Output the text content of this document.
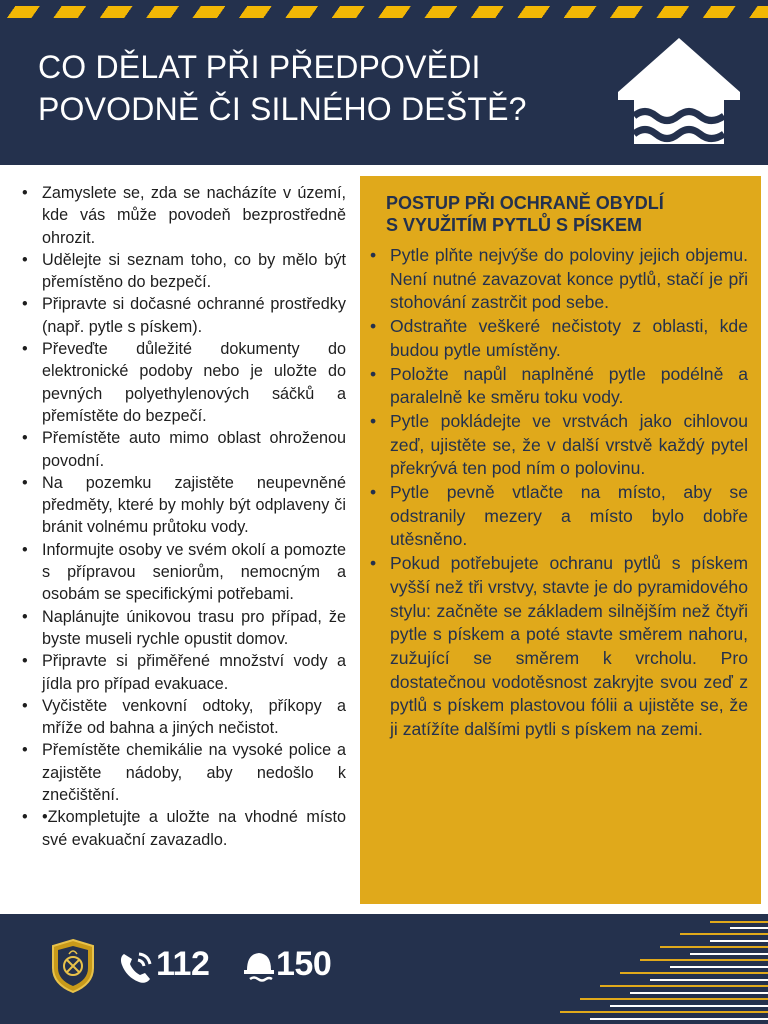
CO DĚLAT PŘI PŘEDPOVĚDI
POVODNĚ ČI SILNÉHO DEŠTĚ?
• Zamyslete se, zda se nacházíte v území, kde vás může povodeň bezprostředně ohrozit.
• Udělejte si seznam toho, co by mělo být přemístěno do bezpečí.
• Připravte si dočasné ochranné prostředky (např. pytle s pískem).
• Převeďte důležité dokumenty do elektronické podoby nebo je uložte do pevných polyethylenových sáčků a přemístěte do bezpečí.
• Přemístěte auto mimo oblast ohroženou povodní.
• Na pozemku zajistěte neupevněné předměty, které by mohly být odplaveny či bránit volnému průtoku vody.
• Informujte osoby ve svém okolí a pomozte s přípravou seniorům, nemocným a osobám se specifickými potřebami.
• Naplánujte únikovou trasu pro případ, že byste museli rychle opustit domov.
• Připravte si přiměřené množství vody a jídla pro případ evakuace.
• Vyčistěte venkovní odtoky, příkopy a mříže od bahna a jiných nečistot.
• Přemístěte chemikálie na vysoké police a zajistěte nádoby, aby nedošlo k znečištění.
• •Zkompletujte a uložte na vhodné místo své evakuační zavazadlo.
POSTUP PŘI OCHRANĚ OBYDLÍ
S VYUŽITÍM PYTLŮ S PÍSKEM
• Pytle plňte nejvýše do poloviny jejich objemu. Není nutné zavazovat konce pytlů, stačí je při stohování zastrčit pod sebe.
• Odstraňte veškeré nečistoty z oblasti, kde budou pytle umístěny.
• Položte napůl naplněné pytle podélně a paralelně ke směru toku vody.
• Pytle pokládejte ve vrstvách jako cihlovou zeď, ujistěte se, že v další vrstvě každý pytel překrývá ten pod ním o polovinu.
• Pytle pevně vtlačte na místo, aby se odstranily mezery a místo bylo dobře utěsněno.
• Pokud potřebujete ochranu pytlů s pískem vyšší než tři vrstvy, stavte je do pyramidového stylu: začněte se základem silnějším než čtyři pytle s pískem a poté stavte směrem nahoru, zužující se směrem k vrcholu. Pro dostatečnou vodotěsnost zakryjte svou zeď z pytlů s pískem plastovou fólii a ujistěte se, že ji zatížíte dalšími pytli s pískem na zemi.
112 150
